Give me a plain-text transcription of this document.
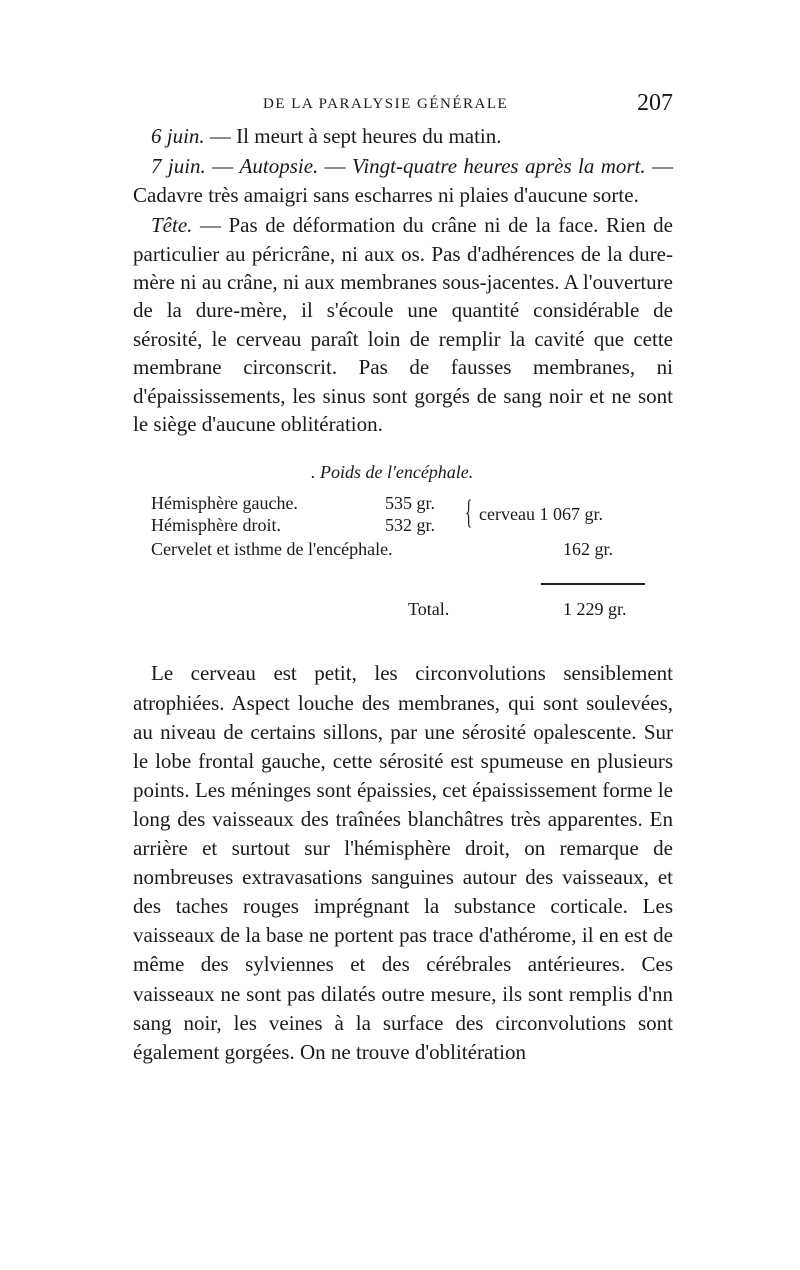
DE LA PARALYSIE GÉNÉRALE	207

6 juin. — Il meurt à sept heures du matin.

7 juin. — Autopsie. — Vingt-quatre heures après la mort. — Cadavre très amaigri sans escharres ni plaies d'aucune sorte.

Tête. — Pas de déformation du crâne ni de la face. Rien de particulier au péricrâne, ni aux os. Pas d'adhérences de la dure-mère ni au crâne, ni aux membranes sous-jacentes. A l'ouverture de la dure-mère, il s'écoule une quantité considérable de sérosité, le cerveau paraît loin de remplir la cavité que cette membrane circonscrit. Pas de fausses membranes, ni d'épaississements, les sinus sont gorgés de sang noir et ne sont le siège d'aucune oblitération.

. Poids de l'encéphale.
Hémisphère gauche.	535 gr.
Hémisphère droit.	532 gr. { cerveau 1 067 gr.
Cervelet et isthme de l'encéphale.	162 gr.
Total.	1 229 gr.

Le cerveau est petit, les circonvolutions sensiblement atrophiées. Aspect louche des membranes, qui sont soulevées, au niveau de certains sillons, par une sérosité opalescente. Sur le lobe frontal gauche, cette sérosité est spumeuse en plusieurs points. Les méninges sont épaissies, cet épaississement forme le long des vaisseaux des traînées blanchâtres très apparentes. En arrière et surtout sur l'hémisphère droit, on remarque de nombreuses extravasations sanguines autour des vaisseaux, et des taches rouges imprégnant la substance corticale. Les vaisseaux de la base ne portent pas trace d'athérome, il en est de même des sylviennes et des cérébrales antérieures. Ces vaisseaux ne sont pas dilatés outre mesure, ils sont remplis d'nn sang noir, les veines à la surface des circonvolutions sont également gorgées. On ne trouve d'oblitération
